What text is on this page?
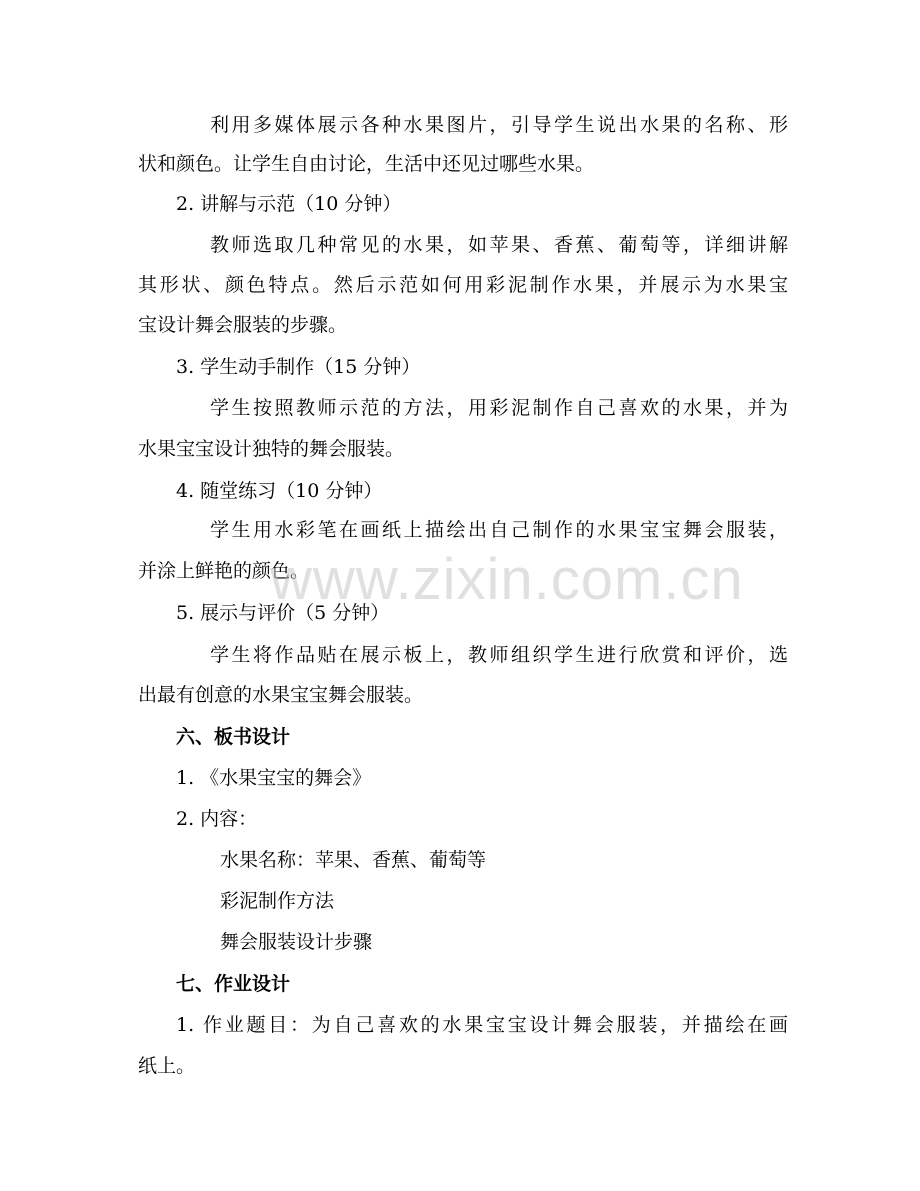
利用多媒体展示各种水果图片，引导学生说出水果的名称、形
状和颜色。让学生自由讨论，生活中还见过哪些水果。
2. 讲解与示范（10 分钟）
教师选取几种常见的水果，如苹果、香蕉、葡萄等，详细讲解
其形状、颜色特点。然后示范如何用彩泥制作水果，并展示为水果宝
宝设计舞会服装的步骤。
3. 学生动手制作（15 分钟）
学生按照教师示范的方法，用彩泥制作自己喜欢的水果，并为
水果宝宝设计独特的舞会服装。
4. 随堂练习（10 分钟）
学生用水彩笔在画纸上描绘出自己制作的水果宝宝舞会服装，
并涂上鲜艳的颜色。
5. 展示与评价（5 分钟）
学生将作品贴在展示板上，教师组织学生进行欣赏和评价，选
出最有创意的水果宝宝舞会服装。
六、板书设计
1. 《水果宝宝的舞会》
2. 内容：
水果名称：苹果、香蕉、葡萄等
彩泥制作方法
舞会服装设计步骤
七、作业设计
1. 作业题目：为自己喜欢的水果宝宝设计舞会服装，并描绘在画
纸上。
www.zixin.com.cn
